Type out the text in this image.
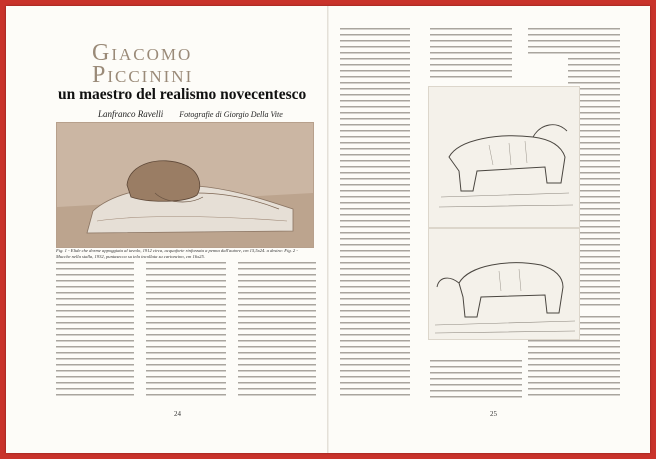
Giacomo
Piccinini
un maestro del realismo novecentesco
Lanfranco Ravelli Fotografie di Giorgio Della Vite
Fig. 1 - Elide che dorme appoggiata al tavolo, 1912 circa, acquaforte rinforzata a penna dall'autore, cm 15,5x24. a destra: Fig. 2 - Mucche nella stalla, 1932, puntasecca su tela incollata su cartoncino, cm 16x25.
24	25
